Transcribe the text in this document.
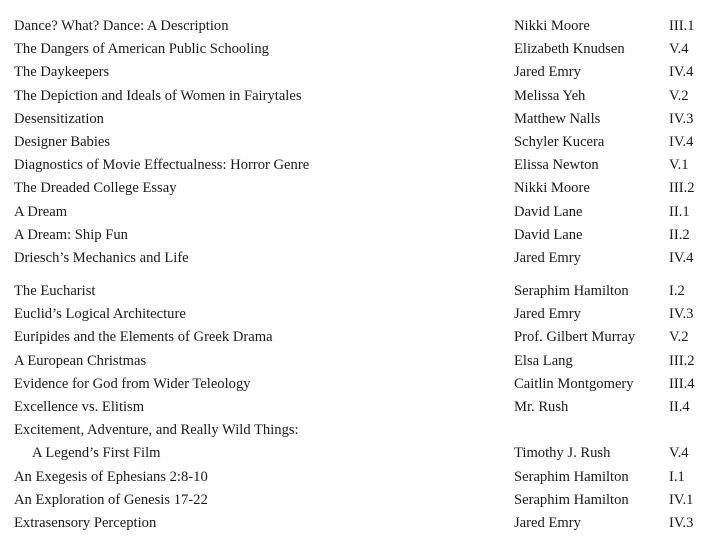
Dance? What? Dance: A Description	Nikki Moore	III.1
The Dangers of American Public Schooling	Elizabeth Knudsen	V.4
The Daykeepers	Jared Emry	IV.4
The Depiction and Ideals of Women in Fairytales	Melissa Yeh	V.2
Desensitization	Matthew Nalls	IV.3
Designer Babies	Schyler Kucera	IV.4
Diagnostics of Movie Effectualness: Horror Genre	Elissa Newton	V.1
The Dreaded College Essay	Nikki Moore	III.2
A Dream	David Lane	II.1
A Dream: Ship Fun	David Lane	II.2
Driesch’s Mechanics and Life	Jared Emry	IV.4
The Eucharist	Seraphim Hamilton	I.2
Euclid’s Logical Architecture	Jared Emry	IV.3
Euripides and the Elements of Greek Drama	Prof. Gilbert Murray V.2
A European Christmas	Elsa Lang	III.2
Evidence for God from Wider Teleology	Caitlin Montgomery III.4
Excellence vs. Elitism	Mr. Rush	II.4
Excitement, Adventure, and Really Wild Things:
A Legend’s First Film	Timothy J. Rush	V.4
An Exegesis of Ephesians 2:8-10	Seraphim Hamilton	I.1
An Exploration of Genesis 17-22	Seraphim Hamilton	IV.1
Extrasensory Perception	Jared Emry	IV.3
